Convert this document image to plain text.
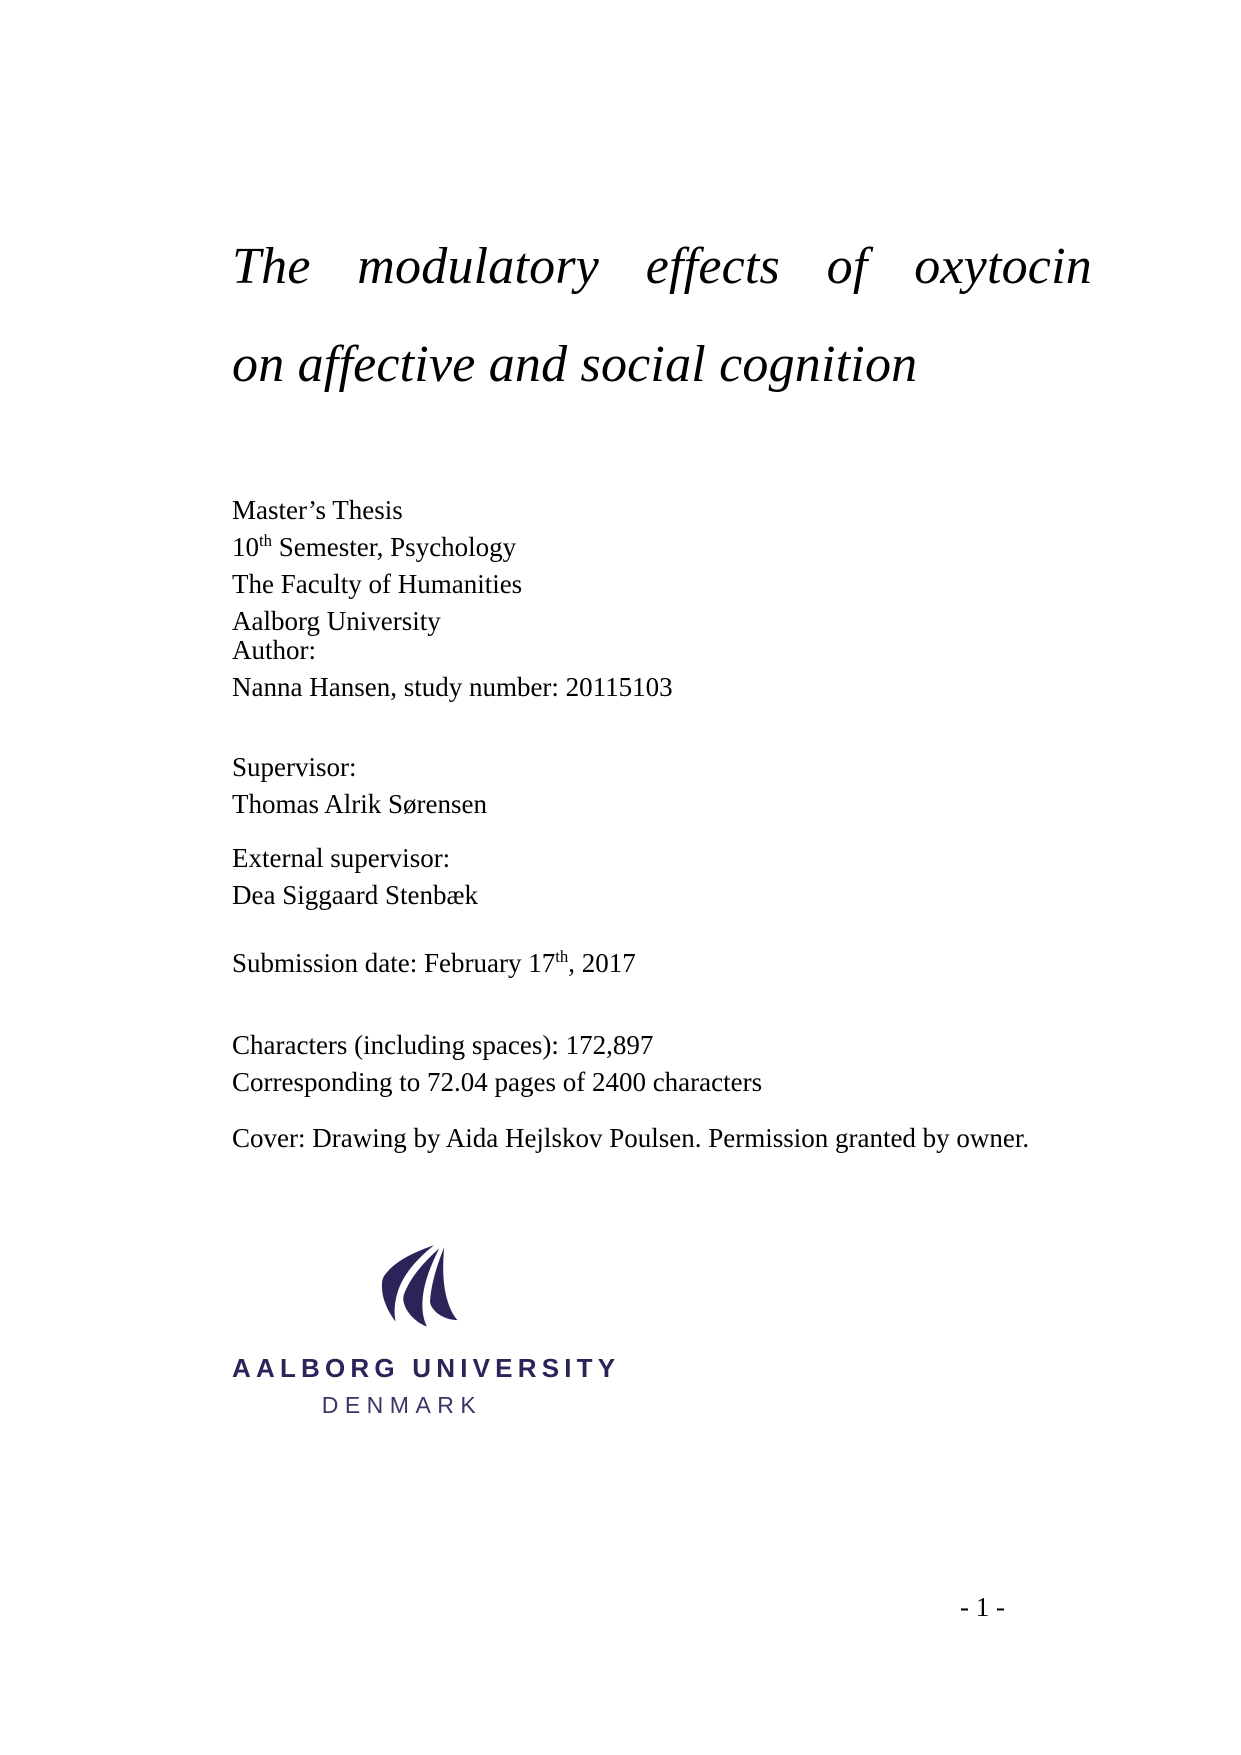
The modulatory effects of oxytocin
on affective and social cognition
Master’s Thesis
10th Semester, Psychology
The Faculty of Humanities
Aalborg University
Author:
Nanna Hansen, study number: 20115103
Supervisor:
Thomas Alrik Sørensen
External supervisor:
Dea Siggaard Stenbæk
Submission date: February 17th, 2017
Characters (including spaces): 172,897
Corresponding to 72.04 pages of 2400 characters
Cover: Drawing by Aida Hejlskov Poulsen. Permission granted by owner.
AALBORG UNIVERSITY
DENMARK
- 1 -
